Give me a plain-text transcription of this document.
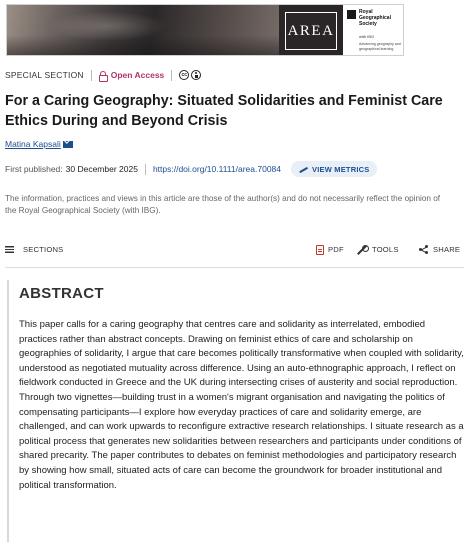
AREA
Royal Geographical Society
with IBG
Advancing geography and geographical learning
SPECIAL SECTION	Open Access	cc
For a Caring Geography: Situated Solidarities and Feminist Care Ethics During and Beyond Crisis
Matina Kapsali
First published: 30 December 2025 https://doi.org/10.1111/area.70084	VIEW METRICS

The information, practices and views in this article are those of the author(s) and do not necessarily reflect the opinion of the Royal Geographical Society (with IBG).

SECTIONS	PDF	TOOLS	SHARE
ABSTRACT

This paper calls for a caring geography that centres care and solidarity as interrelated, embodied practices rather than abstract concepts. Drawing on feminist ethics of care and scholarship on geographies of solidarity, I argue that care becomes politically transformative when coupled with solidarity, understood as negotiated mutuality across difference. Using an auto-ethnographic approach, I reflect on fieldwork conducted in Greece and the UK during intersecting crises of austerity and social reproduction. Through two vignettes—building trust in a women's migrant organisation and navigating the politics of compensating participants—I explore how everyday practices of care and solidarity emerge, are challenged, and can work upwards to reconfigure extractive research relationships. I situate research as a political process that generates new solidarities between researchers and participants under conditions of shared precarity. The paper contributes to debates on feminist methodologies and participatory research by showing how small, situated acts of care can become the groundwork for broader institutional and political transformation.
